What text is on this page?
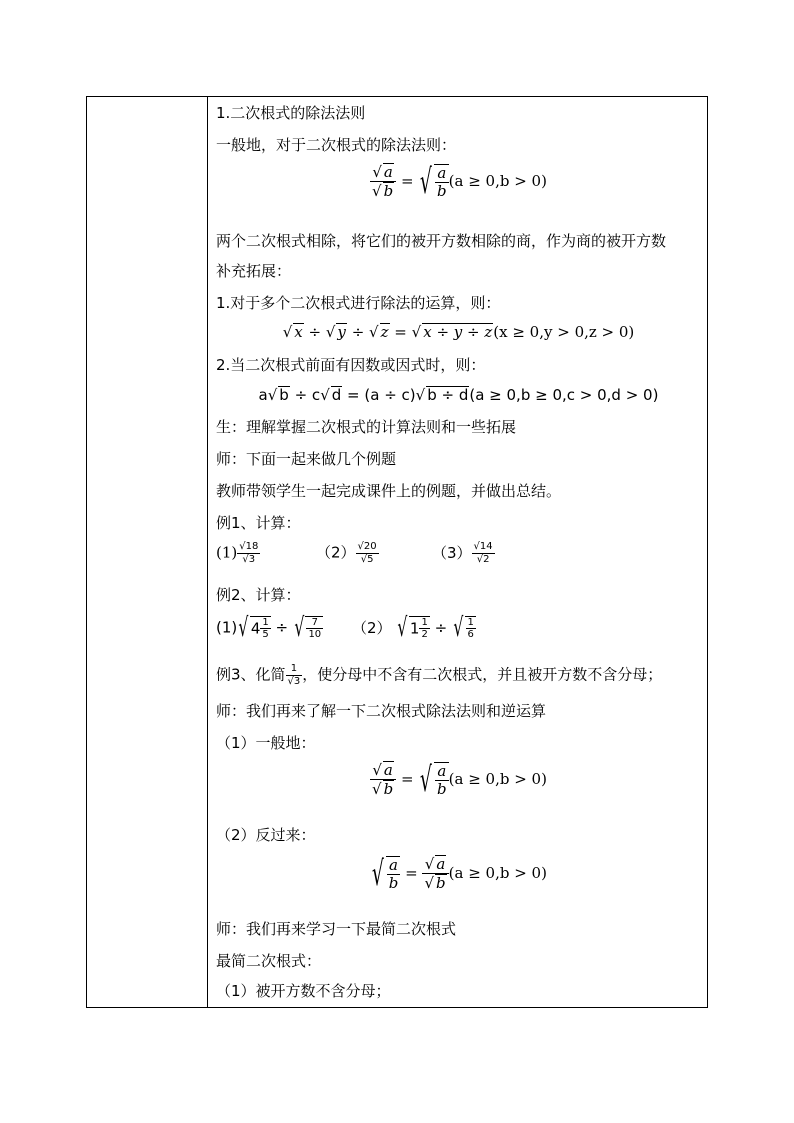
1.二次根式的除法法则
一般地，对于二次根式的除法法则：
$\frac{√ a}{√ b}$ = √ $\frac{a}{b} (a \ge 0,b > 0)$
两个二次根式相除，将它们的被开方数相除的商，作为商的被开方数
补充拓展：
1.对于多个二次根式进行除法的运算，则：
√ x ÷ √ y ÷ √ z = √ x ÷ y ÷ z(x ≥ 0,y > 0,z > 0)
2.当二次根式前面有因数或因式时，则：
a√ b ÷ c√ d = (a ÷ c)√ b ÷ d(a ≥ 0,b ≥ 0,c > 0,d > 0)
生：理解掌握二次根式的计算法则和一些拓展
师：下面一起来做几个例题
教师带领学生一起完成课件上的例题，并做出总结。
例1、计算：
$(1) \frac{√18}{√3}$	$(2) \frac{√20}{√5}$	$(3) \frac{√14}{√2}$
例2、计算：
(1)√ $4 \frac{1}{5}$ ÷ √ $\frac{7}{10} (2)$ √ $1 \frac{1}{2}$ ÷ √ $\frac{1}{6}$
例3、化简 $\frac{1}{√3}$ ，使分母中不含有二次根式，并且被开方数不含分母；
师：我们再来了解一下二次根式除法法则和逆运算
（1）一般地：
$\frac{√ a}{√ b}$ = √ $\frac{a}{b} (a \ge 0,b > 0)$
（2）反过来：
√ $\frac{a}{b} = \frac{√ a}{√ b} (a \ge 0,b > 0)$
师：我们再来学习一下最简二次根式
最简二次根式：
（1）被开方数不含分母；
